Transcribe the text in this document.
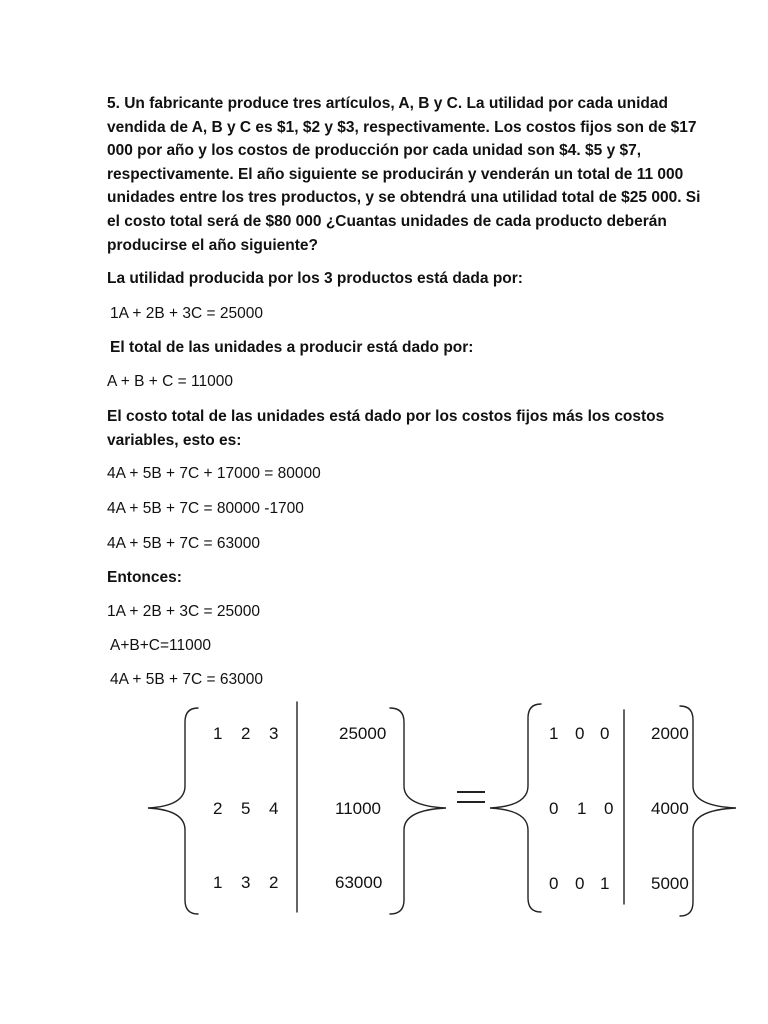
5. Un fabricante produce tres artículos, A, B y C. La utilidad por cada unidad vendida de A, B y C es $1, $2 y $3, respectivamente. Los costos fijos son de $17 000 por año y los costos de producción por cada unidad son $4. $5 y $7, respectivamente. El año siguiente se producirán y venderán un total de 11 000 unidades entre los tres productos, y se obtendrá una utilidad total de $25 000. Si el costo total será de $80 000 ¿Cuantas unidades de cada producto deberán producirse el año siguiente?

La utilidad producida por los 3 productos está dada por:

1A + 2B + 3C = 25000

El total de las unidades a producir está dado por:

A + B + C = 11000

El costo total de las unidades está dado por los costos fijos más los costos variables, esto es:

4A + 5B + 7C + 17000 = 80000

4A + 5B + 7C = 80000 -1700

4A + 5B + 7C = 63000

Entonces:

1A + 2B + 3C = 25000

A+B+C=11000

4A + 5B + 7C = 63000

1 2 3	25000
2 5 4	11000
1 3 2	63000
1 0 0 2000
0 1 0 4000
0 0 1 5000
